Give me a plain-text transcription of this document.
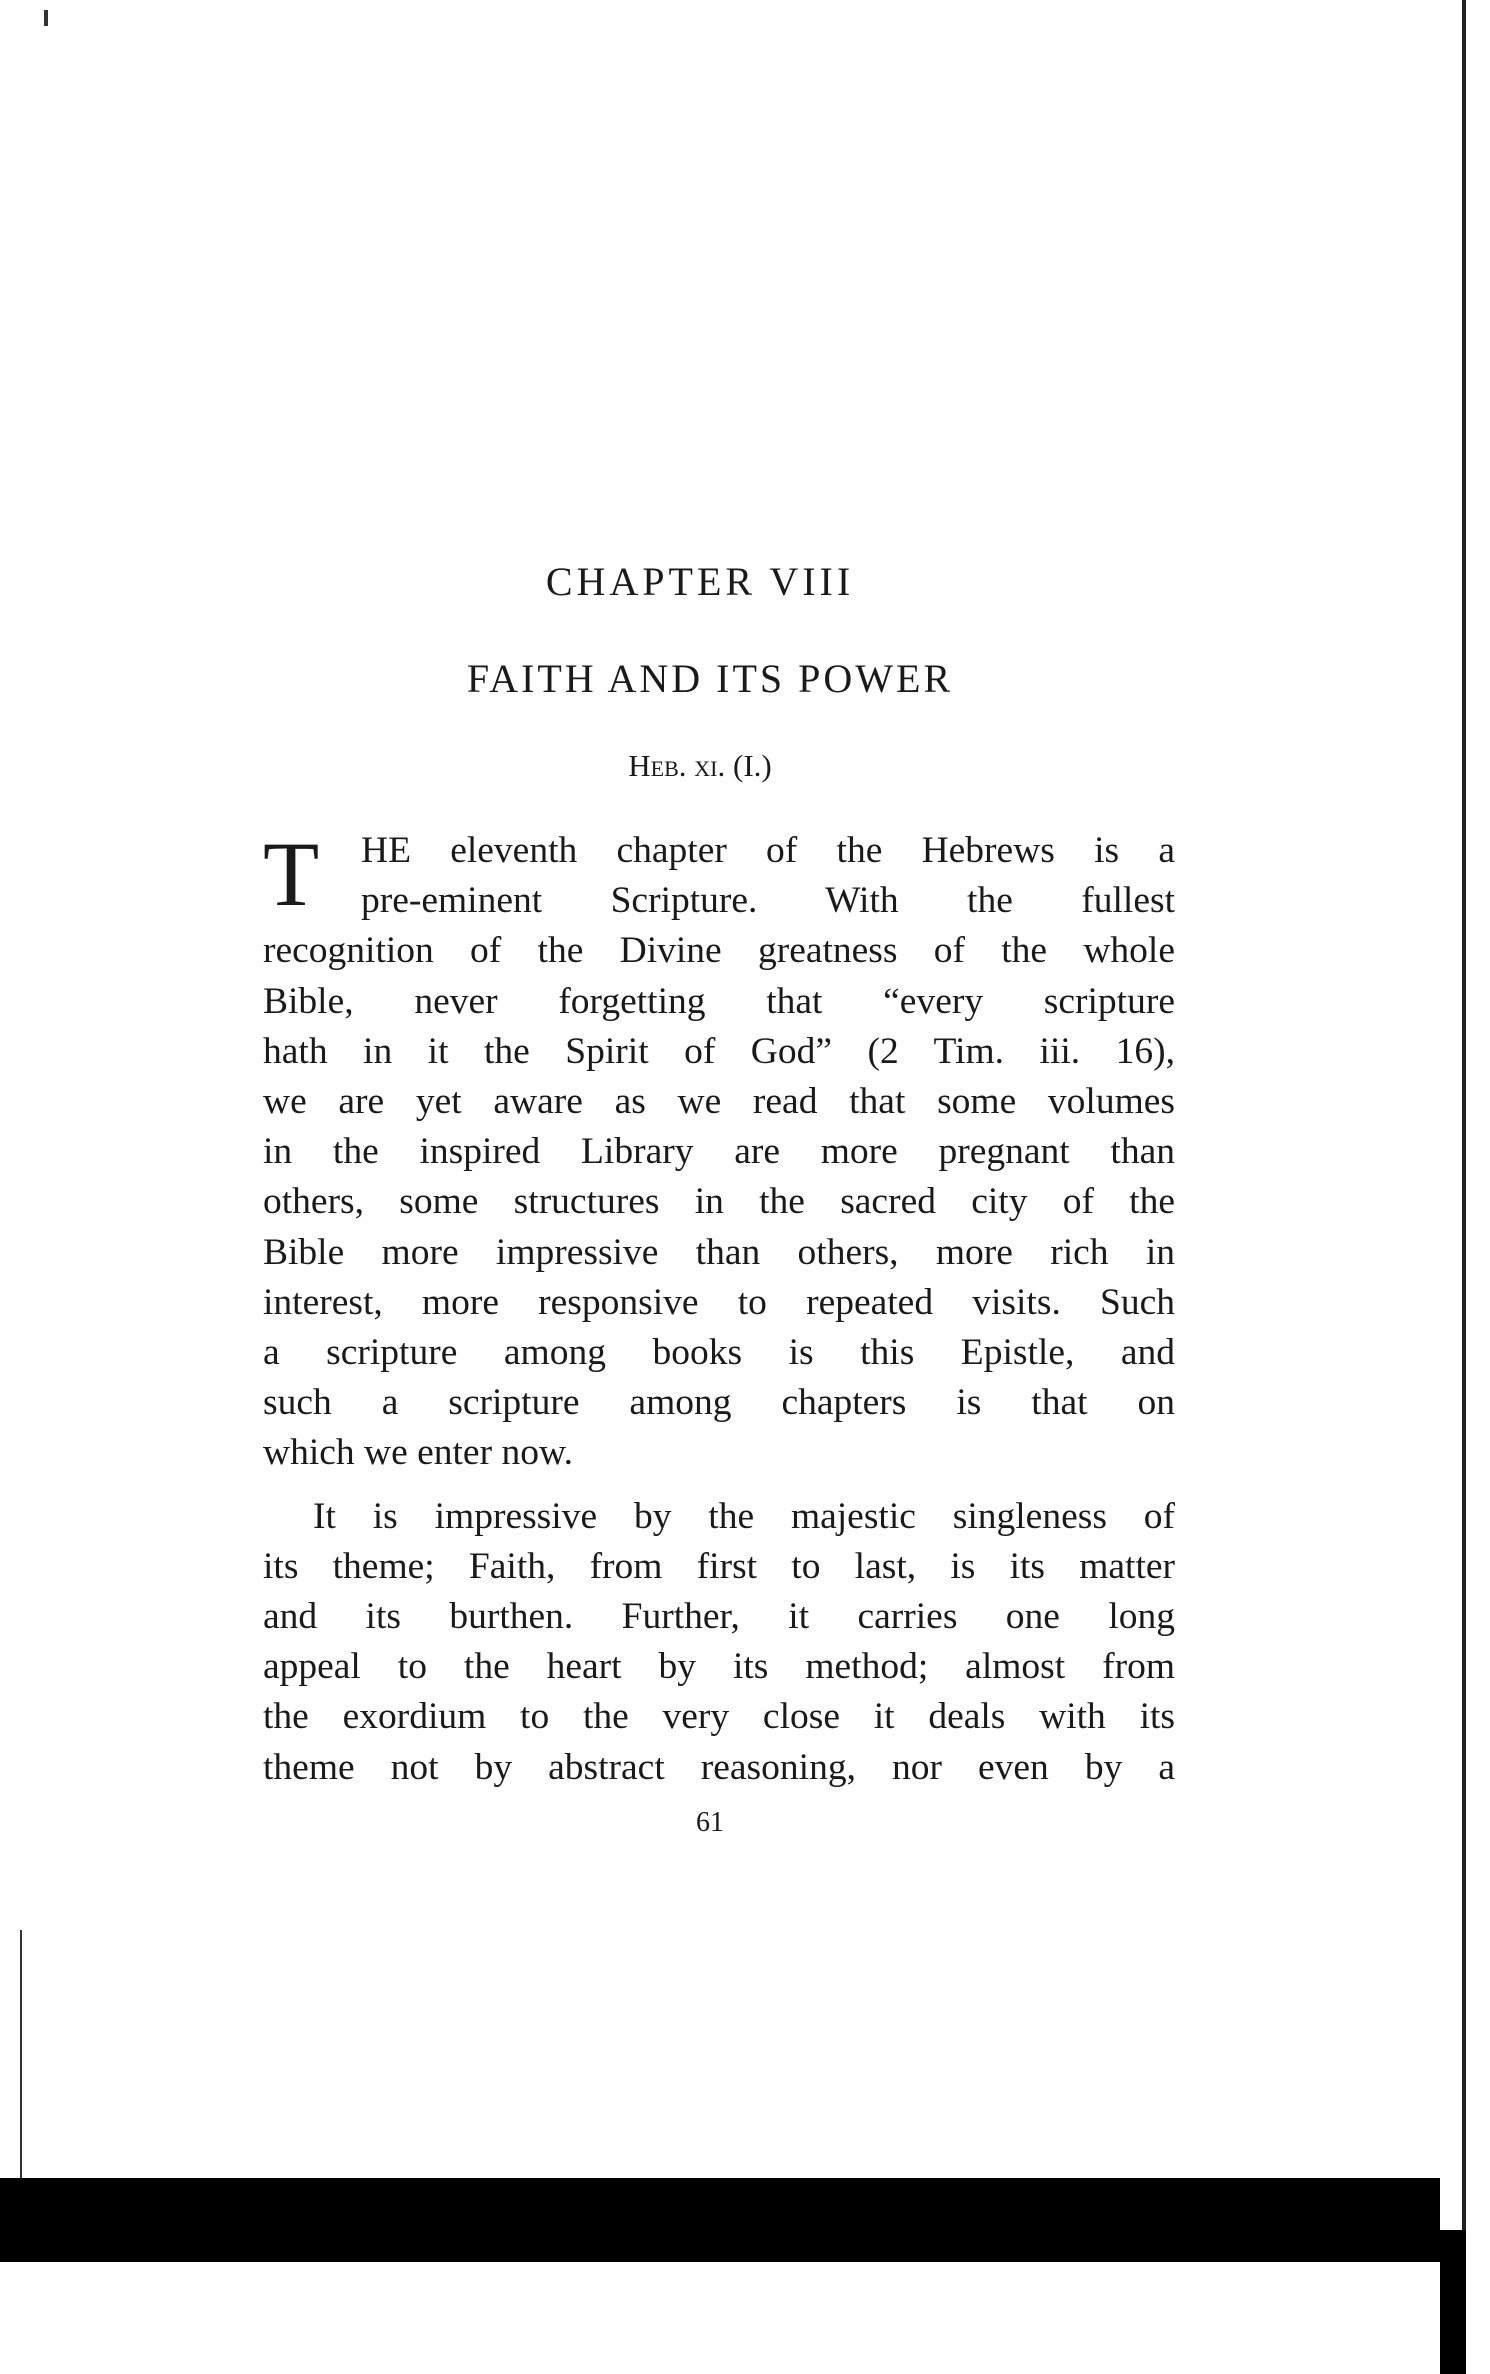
CHAPTER VIII
FAITH AND ITS POWER
Heb. xi. (I.)
T	HE eleventh chapter of the Hebrews is a
pre-eminent Scripture. With the fullest
recognition of the Divine greatness of the whole
Bible, never forgetting that “every scripture
hath in it the Spirit of God” (2 Tim. iii. 16),
we are yet aware as we read that some volumes
in the inspired Library are more pregnant than
others, some structures in the sacred city of the
Bible more impressive than others, more rich in
interest, more responsive to repeated visits. Such
a scripture among books is this Epistle, and
such a scripture among chapters is that on
which we enter now.
It is impressive by the majestic singleness of
its theme; Faith, from first to last, is its matter
and its burthen. Further, it carries one long
appeal to the heart by its method; almost from
the exordium to the very close it deals with its
theme not by abstract reasoning, nor even by a
61
